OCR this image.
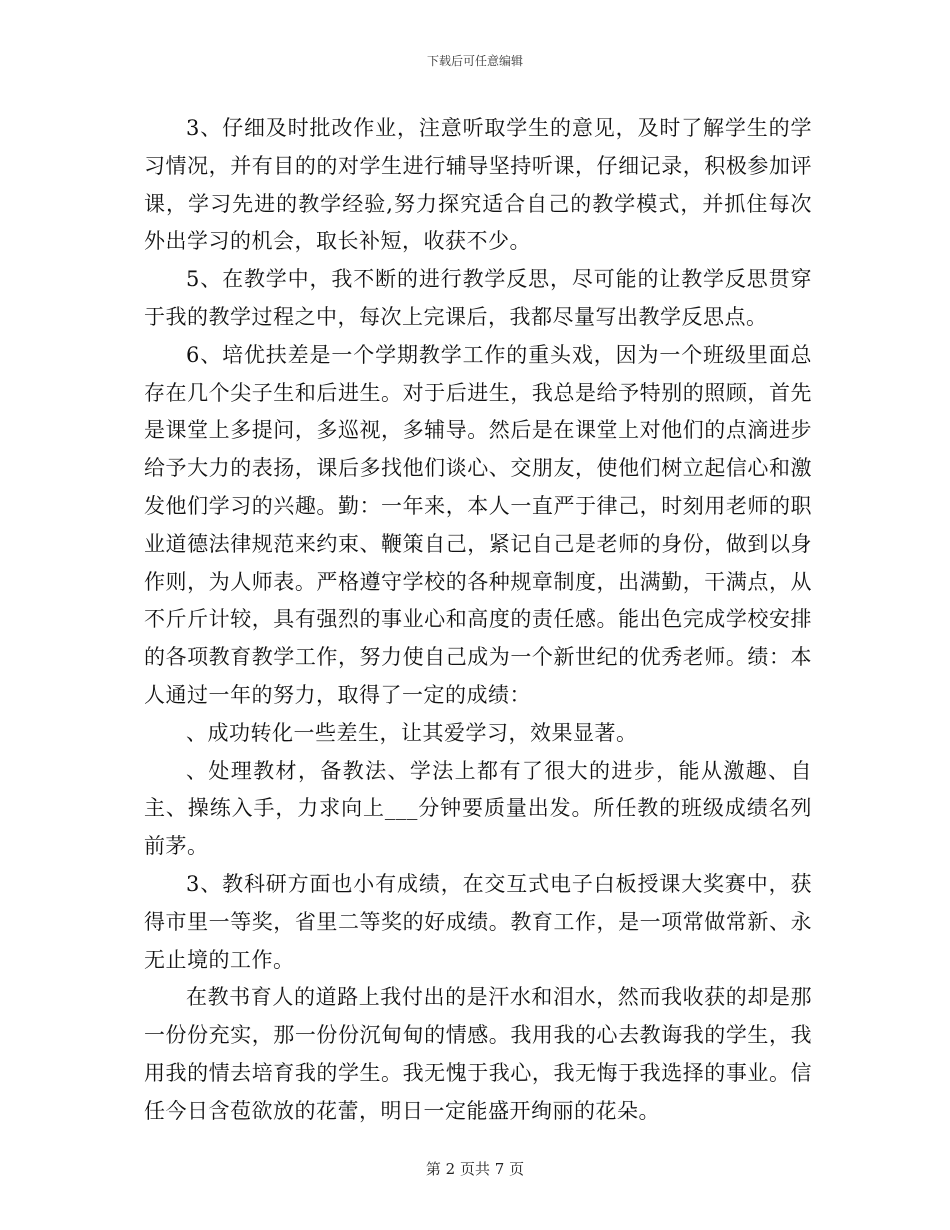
下载后可任意编辑

3、仔细及时批改作业，注意听取学生的意见，及时了解学生的学习情况，并有目的的对学生进行辅导坚持听课，仔细记录，积极参加评课，学习先进的教学经验,努力探究适合自己的教学模式，并抓住每次外出学习的机会，取长补短，收获不少。

5、在教学中，我不断的进行教学反思，尽可能的让教学反思贯穿于我的教学过程之中，每次上完课后，我都尽量写出教学反思点。

6、培优扶差是一个学期教学工作的重头戏，因为一个班级里面总存在几个尖子生和后进生。对于后进生，我总是给予特别的照顾，首先是课堂上多提问，多巡视，多辅导。然后是在课堂上对他们的点滴进步给予大力的表扬，课后多找他们谈心、交朋友，使他们树立起信心和激发他们学习的兴趣。勤：一年来，本人一直严于律己，时刻用老师的职业道德法律规范来约束、鞭策自己，紧记自己是老师的身份，做到以身作则，为人师表。严格遵守学校的各种规章制度，出满勤，干满点，从不斤斤计较，具有强烈的事业心和高度的责任感。能出色完成学校安排的各项教育教学工作，努力使自己成为一个新世纪的优秀老师。绩：本人通过一年的努力，取得了一定的成绩：

、成功转化一些差生，让其爱学习，效果显著。

、处理教材，备教法、学法上都有了很大的进步，能从激趣、自主、操练入手，力求向上___分钟要质量出发。所任教的班级成绩名列前茅。

3、教科研方面也小有成绩，在交互式电子白板授课大奖赛中，获得市里一等奖，省里二等奖的好成绩。教育工作，是一项常做常新、永无止境的工作。

在教书育人的道路上我付出的是汗水和泪水，然而我收获的却是那一份份充实，那一份份沉甸甸的情感。我用我的心去教诲我的学生，我用我的情去培育我的学生。我无愧于我心，我无悔于我选择的事业。信任今日含苞欲放的花蕾，明日一定能盛开绚丽的花朵。

第 2 页共 7 页
